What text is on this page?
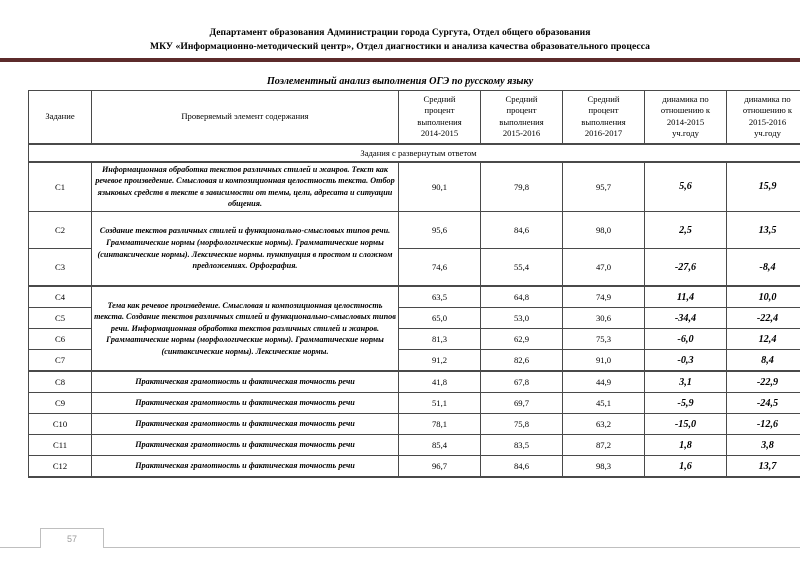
Департамент образования Администрации города Сургута, Отдел общего образования
МКУ «Информационно-методический центр», Отдел диагностики и анализа качества образовательного процесса
Поэлементный анализ выполнения ОГЭ по русскому языку
Задание	Проверяемый элемент содержания	Средний
процент
выполнения
2014-2015	Средний
процент
выполнения
2015-2016	Средний
процент
выполнения
2016-2017	динамика по
отношению к
2014-2015
уч.году	динамика по
отношению к
2015-2016
уч.году

Задания с развернутым ответом						
C1	Информационная обработка текстов различных стилей и жанров. Текст как речевое произведение. Смысловая и композиционная целостность текста. Отбор языковых средств в тексте в зависимости от темы, цели, адресата и ситуации общения.	90,1	79,8	95,7	5,6	15,9
C2	Создание текстов различных стилей и функционально-смысловых типов речи. Грамматические нормы (морфологические нормы). Грамматические нормы (синтаксические нормы). Лексические нормы. пунктуация в простом и сложном предложениях. Орфография.	95,6	84,6	98,0	2,5	13,5
C3		74,6	55,4	47,0	-27,6	-8,4
C4	Тема как речевое произведение. Смысловая и композиционная целостность текста. Создание текстов различных стилей и функционально-смысловых типов речи. Информационная обработка текстов различных стилей и жанров. Грамматические нормы (морфологические нормы). Грамматические нормы (синтаксические нормы). Лексические нормы.	63,5	64,8	74,9	11,4	10,0
C5		65,0	53,0	30,6	-34,4	-22,4
C6		81,3	62,9	75,3	-6,0	12,4
C7		91,2	82,6	91,0	-0,3	8,4
C8	Практическая грамотность и фактическая точность речи	41,8	67,8	44,9	3,1	-22,9
C9	Практическая грамотность и фактическая точность речи	51,1	69,7	45,1	-5,9	-24,5
C10	Практическая грамотность и фактическая точность речи	78,1	75,8	63,2	-15,0	-12,6
C11	Практическая грамотность и фактическая точность речи	85,4	83,5	87,2	1,8	3,8
C12	Практическая грамотность и фактическая точность речи	96,7	84,6	98,3	1,6	13,7
57
